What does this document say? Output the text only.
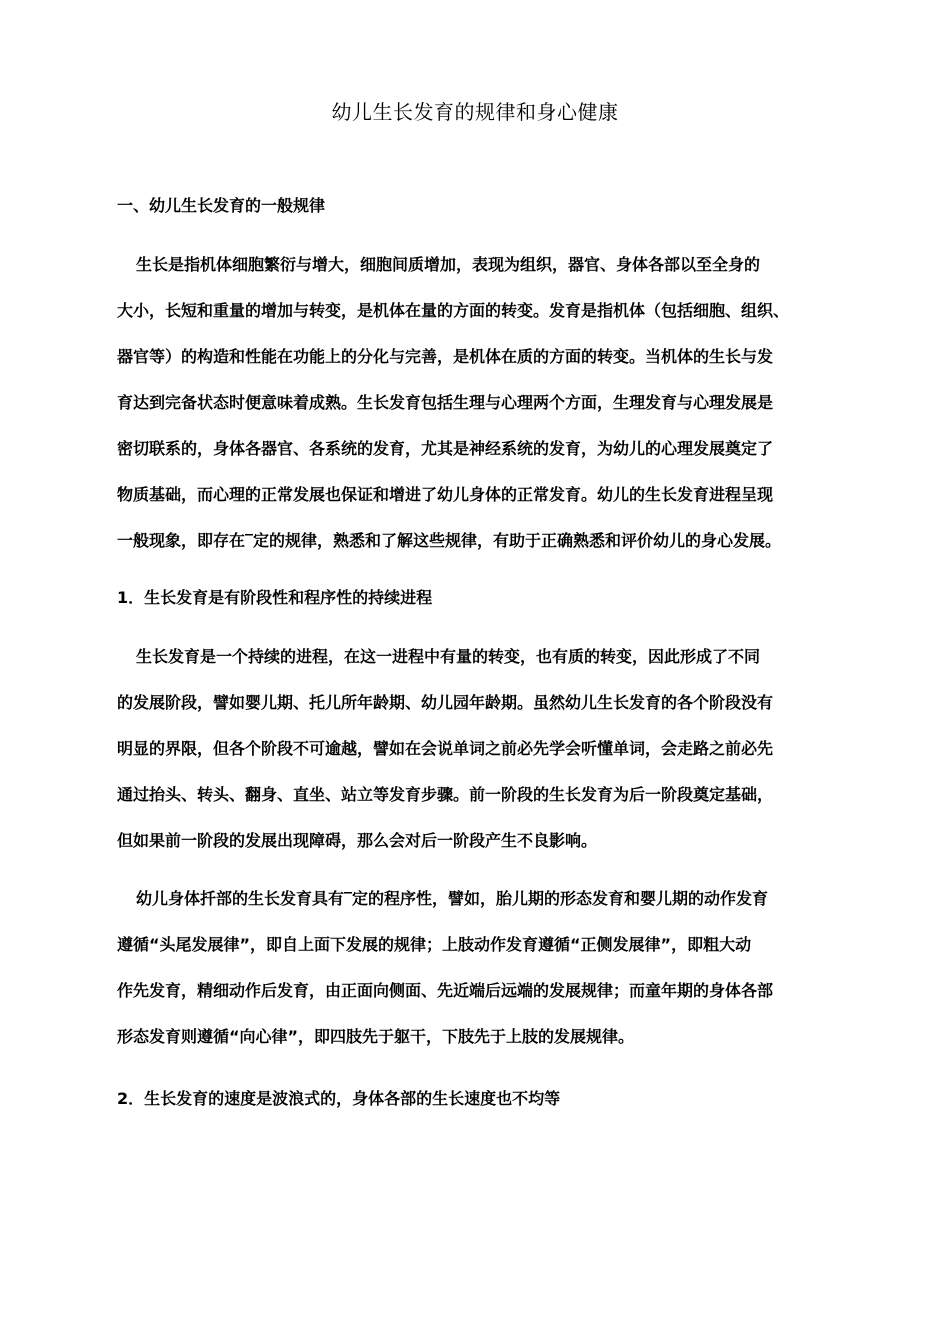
幼儿生长发育的规律和身心健康
一、幼儿生长发育的一般规律
生长是指机体细胞繁衍与增大，细胞间质增加，表现为组织，器官、身体各部以至全身的
大小，长短和重量的增加与转变，是机体在量的方面的转变。发育是指机体（包括细胞、组织、
器官等）的构造和性能在功能上的分化与完善，是机体在质的方面的转变。当机体的生长与发
育达到完备状态时便意味着成熟。生长发育包括生理与心理两个方面，生理发育与心理发展是
密切联系的，身体各器官、各系统的发育，尤其是神经系统的发育，为幼儿的心理发展奠定了
物质基础，而心理的正常发展也保证和增进了幼儿身体的正常发育。幼儿的生长发育进程呈现
一般现象，即存在‾定的规律，熟悉和了解这些规律，有助于正确熟悉和评价幼儿的身心发展。
1．生长发育是有阶段性和程序性的持续进程
生长发育是一个持续的进程，在这一进程中有量的转变，也有质的转变，因此形成了不同
的发展阶段，譬如婴儿期、托儿所年龄期、幼儿园年龄期。虽然幼儿生长发育的各个阶段没有
明显的界限，但各个阶段不可逾越，譬如在会说单词之前必先学会听懂单词，会走路之前必先
通过抬头、转头、翻身、直坐、站立等发育步骤。前一阶段的生长发育为后一阶段奠定基础，
但如果前一阶段的发展出现障碍，那么会对后一阶段产生不良影响。
幼儿身体扦部的生长发育具有‾定的程序性，譬如，胎儿期的形态发育和婴儿期的动作发育
遵循“头尾发展律”，即自上面下发展的规律；上肢动作发育遵循“正侧发展律”，即粗大动
作先发育，精细动作后发育，由正面向侧面、先近端后远端的发展规律；而童年期的身体各部
形态发育则遵循“向心律”，即四肢先于躯干，下肢先于上肢的发展规律。
2．生长发育的速度是波浪式的，身体各部的生长速度也不均等
